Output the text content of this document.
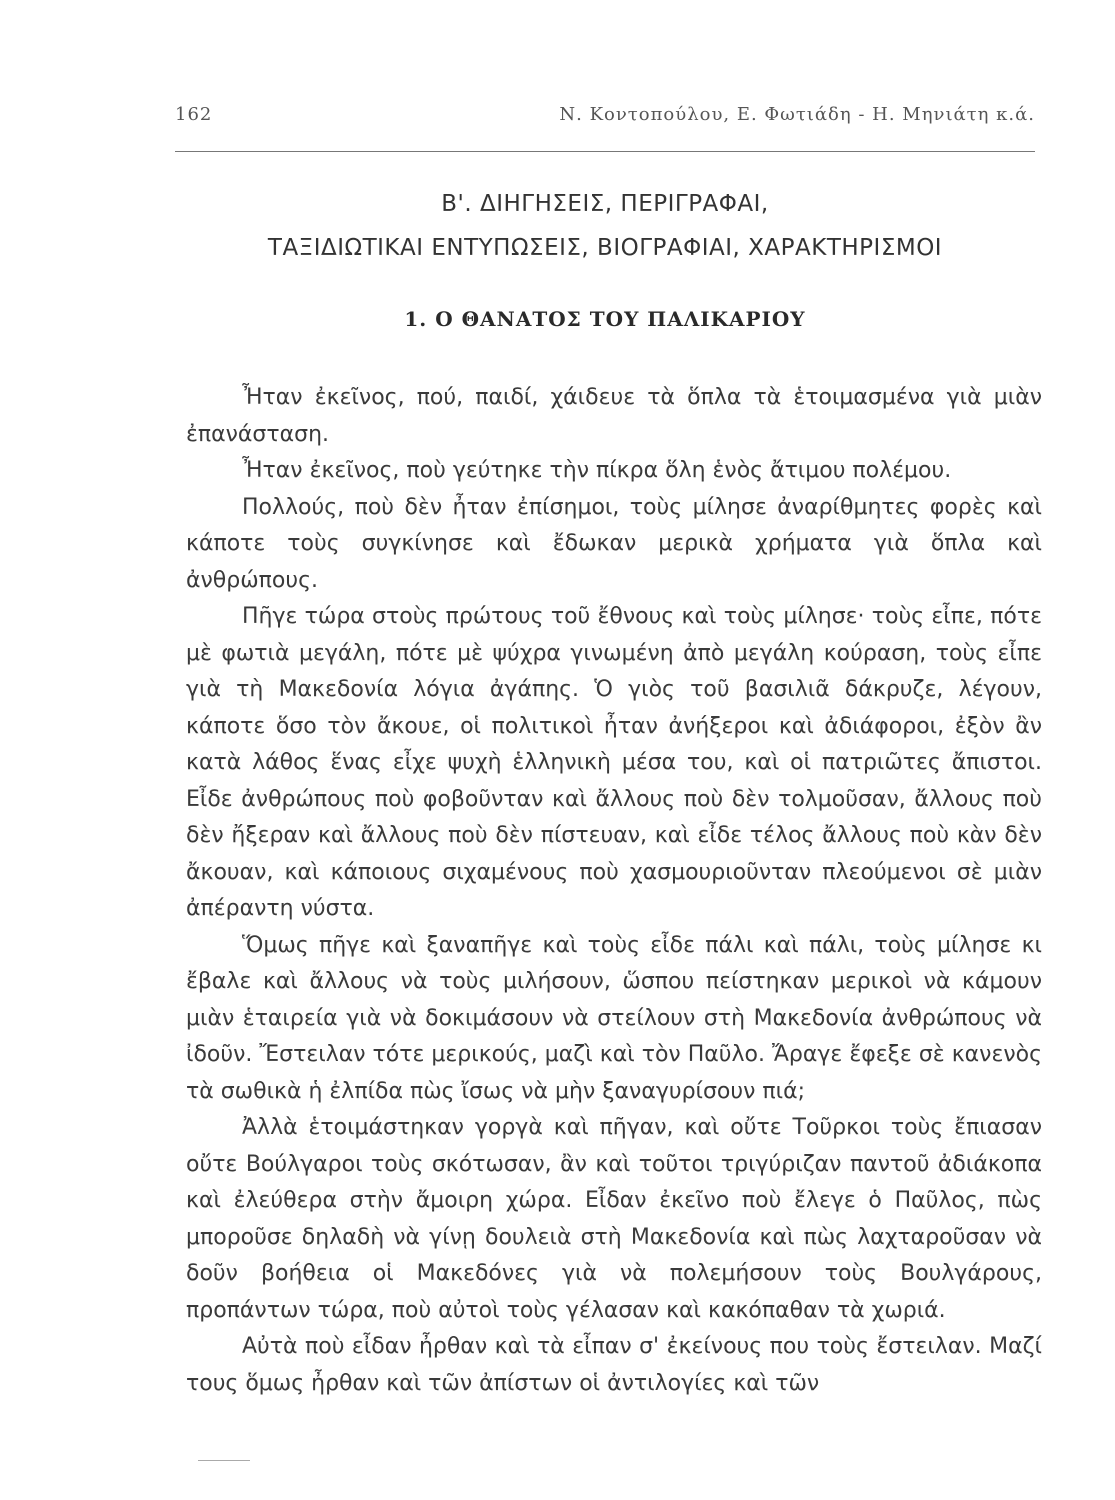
162	Ν. Κοντοπούλου, Ε. Φωτιάδη - Η. Μηνιάτη κ.ά.
Β'. ΔΙΗΓΗΣΕΙΣ, ΠΕΡΙΓΡΑΦΑΙ,
ΤΑΞΙΔΙΩΤΙΚΑΙ ΕΝΤΥΠΩΣΕΙΣ, ΒΙΟΓΡΑΦΙΑΙ, ΧΑΡΑΚΤΗΡΙΣΜΟΙ
1. Ο ΘΑΝΑΤΟΣ ΤΟΥ ΠΑΛΙΚΑΡΙΟΥ

Ἦταν ἐκεῖνος, πού, παιδί, χάιδευε τὰ ὅπλα τὰ ἑτοιμασμένα γιὰ μιὰν ἐπανάσταση.

Ἦταν ἐκεῖνος, ποὺ γεύτηκε τὴν πίκρα ὅλη ἑνὸς ἄτιμου πολέμου.

Πολλούς, ποὺ δὲν ἦταν ἐπίσημοι, τοὺς μίλησε ἀναρίθμητες φορὲς καὶ κάποτε τοὺς συγκίνησε καὶ ἔδωκαν μερικὰ χρήματα γιὰ ὅπλα καὶ ἀνθρώπους.

Πῆγε τώρα στοὺς πρώτους τοῦ ἔθνους καὶ τοὺς μίλησε· τοὺς εἶπε, πότε μὲ φωτιὰ μεγάλη, πότε μὲ ψύχρα γινωμένη ἀπὸ μεγάλη κούραση, τοὺς εἶπε γιὰ τὴ Μακεδονία λόγια ἀγάπης. Ὁ γιὸς τοῦ βασιλιᾶ δάκρυζε, λέγουν, κάποτε ὅσο τὸν ἄκουε, οἱ πολιτικοὶ ἦταν ἀνήξεροι καὶ ἀδιάφοροι, ἐξὸν ἂν κατὰ λάθος ἕνας εἶχε ψυχὴ ἑλληνικὴ μέσα του, καὶ οἱ πατριῶτες ἄπιστοι. Εἶδε ἀνθρώπους ποὺ φοβοῦνταν καὶ ἄλλους ποὺ δὲν τολμοῦσαν, ἄλλους ποὺ δὲν ἤξεραν καὶ ἄλλους ποὺ δὲν πίστευαν, καὶ εἶδε τέλος ἄλλους ποὺ κὰν δὲν ἄκουαν, καὶ κάποιους σιχαμένους ποὺ χασμουριοῦνταν πλεούμενοι σὲ μιὰν ἀπέραντη νύστα.

Ὅμως πῆγε καὶ ξαναπῆγε καὶ τοὺς εἶδε πάλι καὶ πάλι, τοὺς μίλησε κι ἔβαλε καὶ ἄλλους νὰ τοὺς μιλήσουν, ὥσπου πείστηκαν μερικοὶ νὰ κάμουν μιὰν ἑταιρεία γιὰ νὰ δοκιμάσουν νὰ στείλουν στὴ Μακεδονία ἀνθρώπους νὰ ἰδοῦν. Ἔστειλαν τότε μερικούς, μαζὶ καὶ τὸν Παῦλο. Ἄραγε ἔφεξε σὲ κανενὸς τὰ σωθικὰ ἡ ἐλπίδα πὼς ἴσως νὰ μὴν ξαναγυρίσουν πιά;

Ἀλλὰ ἑτοιμάστηκαν γοργὰ καὶ πῆγαν, καὶ οὔτε Τοῦρκοι τοὺς ἔπιασαν οὔτε Βούλγαροι τοὺς σκότωσαν, ἂν καὶ τοῦτοι τριγύριζαν παντοῦ ἀδιάκοπα καὶ ἐλεύθερα στὴν ἄμοιρη χώρα. Εἶδαν ἐκεῖνο ποὺ ἔλεγε ὁ Παῦλος, πὼς μποροῦσε δηλαδὴ νὰ γίνῃ δουλειὰ στὴ Μακεδονία καὶ πὼς λαχταροῦσαν νὰ δοῦν βοήθεια οἱ Μακεδόνες γιὰ νὰ πολεμήσουν τοὺς Βουλγάρους, προπάντων τώρα, ποὺ αὐτοὶ τοὺς γέλασαν καὶ κακόπαθαν τὰ χωριά.

Αὐτὰ ποὺ εἶδαν ἦρθαν καὶ τὰ εἶπαν σ' ἐκείνους που τοὺς ἔστειλαν. Μαζί τους ὅμως ἦρθαν καὶ τῶν ἀπίστων οἱ ἀντιλογίες καὶ τῶν
